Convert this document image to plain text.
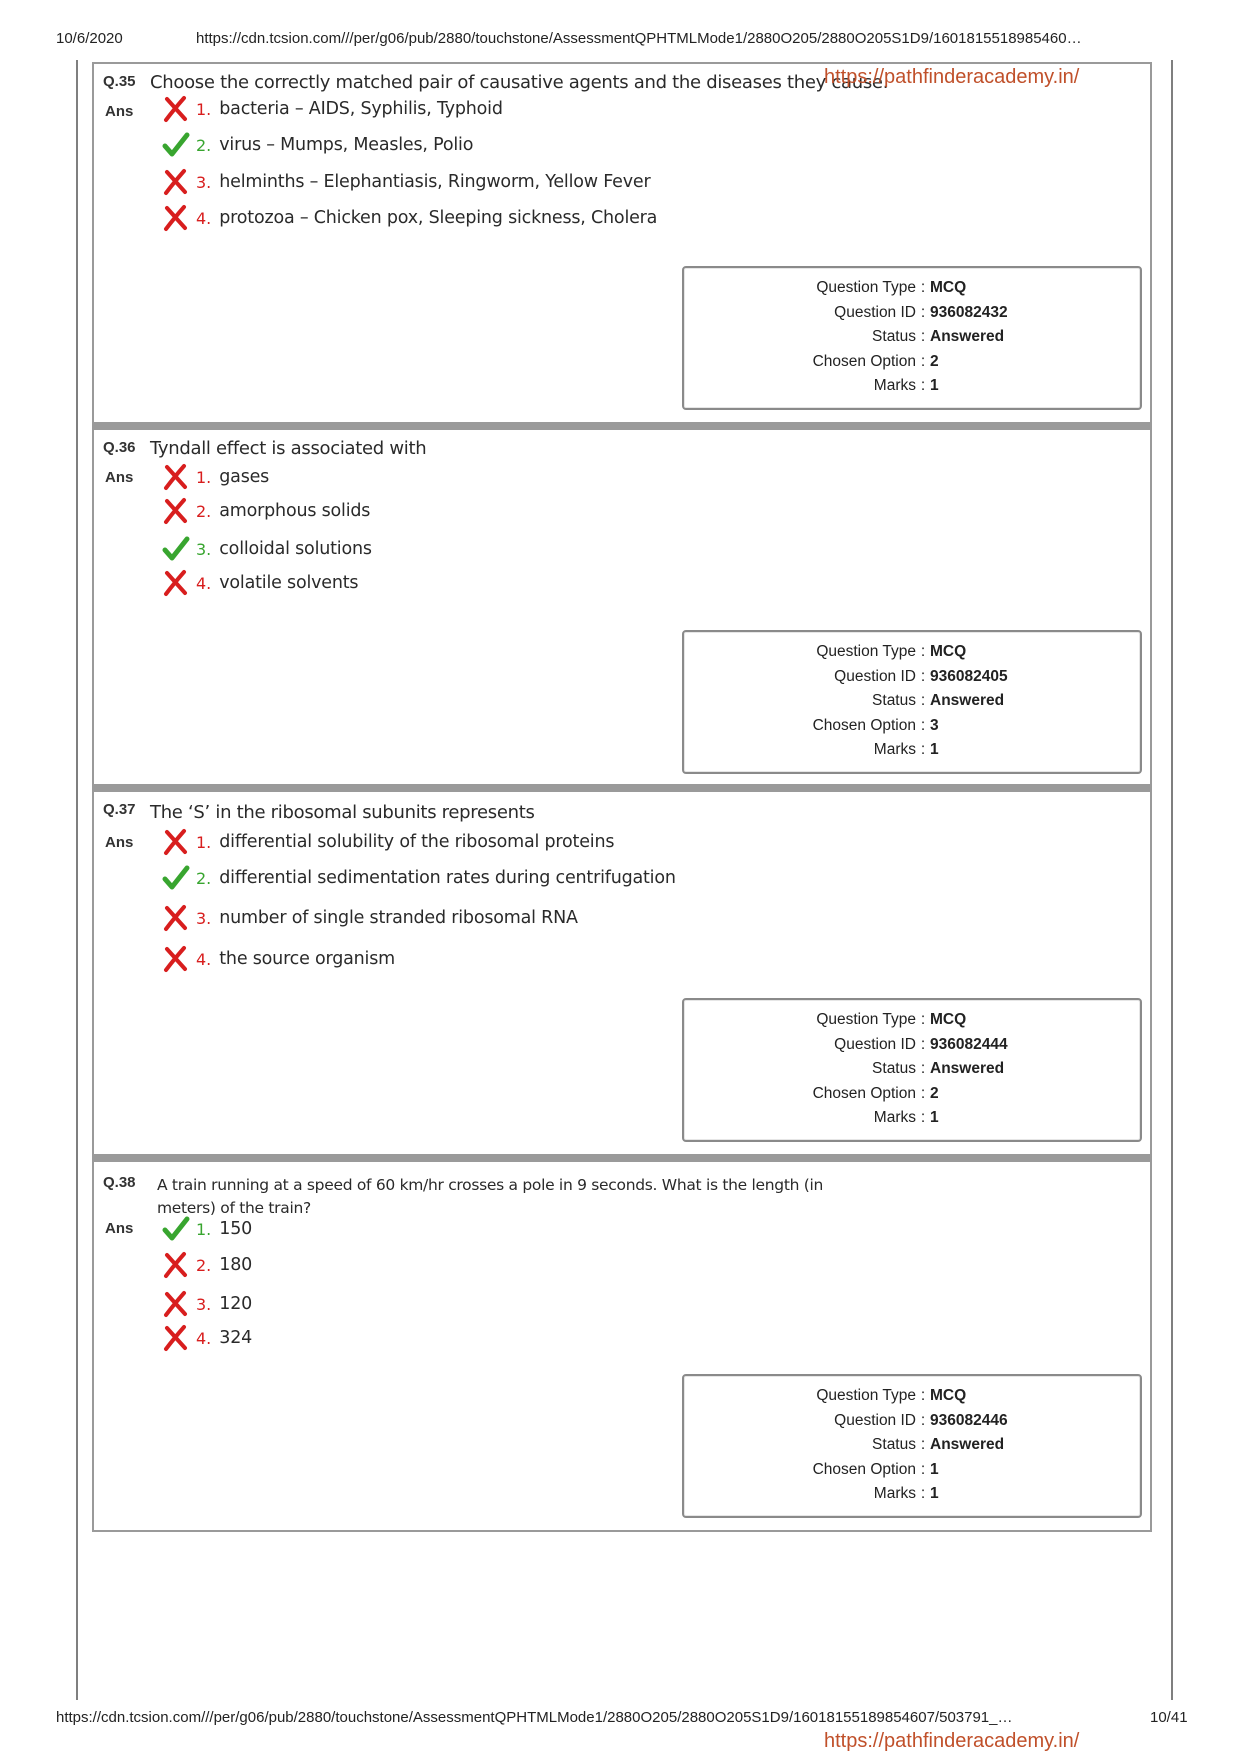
10/6/2020	https://cdn.tcsion.com///per/g06/pub/2880/touchstone/AssessmentQPHTMLMode1/2880O205/2880O205S1D9/1601815518985460…
Q.35 Choose the correctly matched pair of causative agents and the diseases they cause.
Ans	1. bacteria – AIDS, Syphilis, Typhoid
2. virus – Mumps, Measles, Polio
3. helminths – Elephantiasis, Ringworm, Yellow Fever
4. protozoa – Chicken pox, Sleeping sickness, Cholera
Question Type : MCQ
Question ID : 936082432
Status : Answered
Chosen Option : 2
Marks : 1
Q.36 Tyndall effect is associated with
Ans	1. gases
2. amorphous solids
3. colloidal solutions
4. volatile solvents
Question Type : MCQ
Question ID : 936082405
Status : Answered
Chosen Option : 3
Marks : 1
Q.37 The ‘S’ in the ribosomal subunits represents
Ans	1. differential solubility of the ribosomal proteins
2. differential sedimentation rates during centrifugation
3. number of single stranded ribosomal RNA
4. the source organism
Question Type : MCQ
Question ID : 936082444
Status : Answered
Chosen Option : 2
Marks : 1
Q.38 A train running at a speed of 60 km/hr crosses a pole in 9 seconds. What is the length (in meters) of the train?
Ans	1. 150
2. 180
3. 120
4. 324
Question Type : MCQ
Question ID : 936082446
Status : Answered
Chosen Option : 1
Marks : 1
https://pathfinderacademy.in/
https://cdn.tcsion.com///per/g06/pub/2880/touchstone/AssessmentQPHTMLMode1/2880O205/2880O205S1D9/16018155189854607/503791_…	10/41
https://pathfinderacademy.in/
